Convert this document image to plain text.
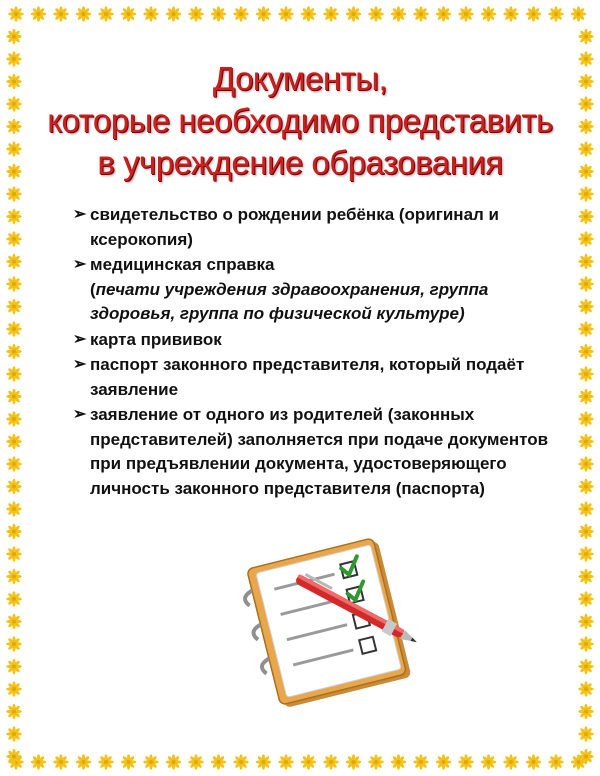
Документы,
которые необходимо представить
в учреждение образования
➢ свидетельство о рождении ребёнка (оригинал и ксерокопия)
➢ медицинская справка
(печати учреждения здравоохранения, группа здоровья, группа по физической культуре)
➢ карта прививок
➢ паспорт законного представителя, который подаёт заявление
➢ заявление от одного из родителей (законных представителей) заполняется при подаче документов при предъявлении документа, удостоверяющего личность законного представителя (паспорта)
